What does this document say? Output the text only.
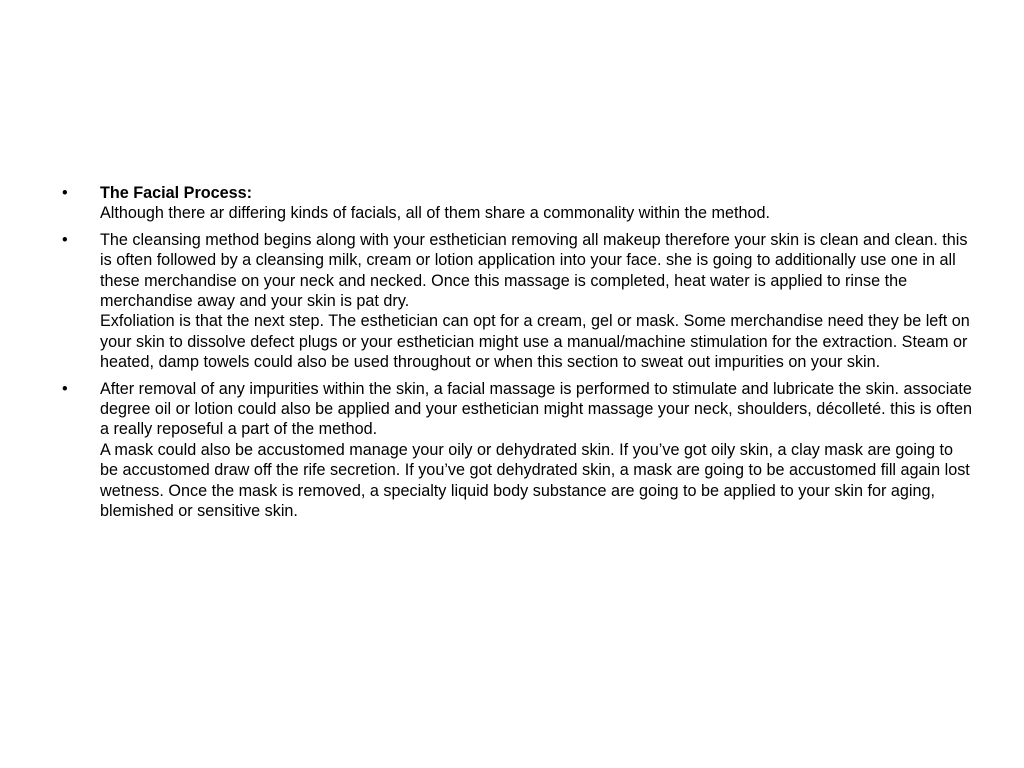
•	The Facial Process:
Although there ar differing kinds of facials, all of them share a commonality within the method.
•	The cleansing method begins along with your esthetician removing all makeup therefore your skin is clean and clean. this is often followed by a cleansing milk, cream or lotion application into your face. she is going to additionally use one in all these merchandise on your neck and necked. Once this massage is completed, heat water is applied to rinse the merchandise away and your skin is pat dry.
Exfoliation is that the next step. The esthetician can opt for a cream, gel or mask. Some merchandise need they be left on your skin to dissolve defect plugs or your esthetician might use a manual/machine stimulation for the extraction. Steam or heated, damp towels could also be used throughout or when this section to sweat out impurities on your skin.
•	After removal of any impurities within the skin, a facial massage is performed to stimulate and lubricate the skin. associate degree oil or lotion could also be applied and your esthetician might massage your neck, shoulders, décolleté. this is often a really reposeful a part of the method.
A mask could also be accustomed manage your oily or dehydrated skin. If you’ve got oily skin, a clay mask are going to be accustomed draw off the rife secretion. If you’ve got dehydrated skin, a mask are going to be accustomed fill again lost wetness. Once the mask is removed, a specialty liquid body substance are going to be applied to your skin for aging, blemished or sensitive skin.
